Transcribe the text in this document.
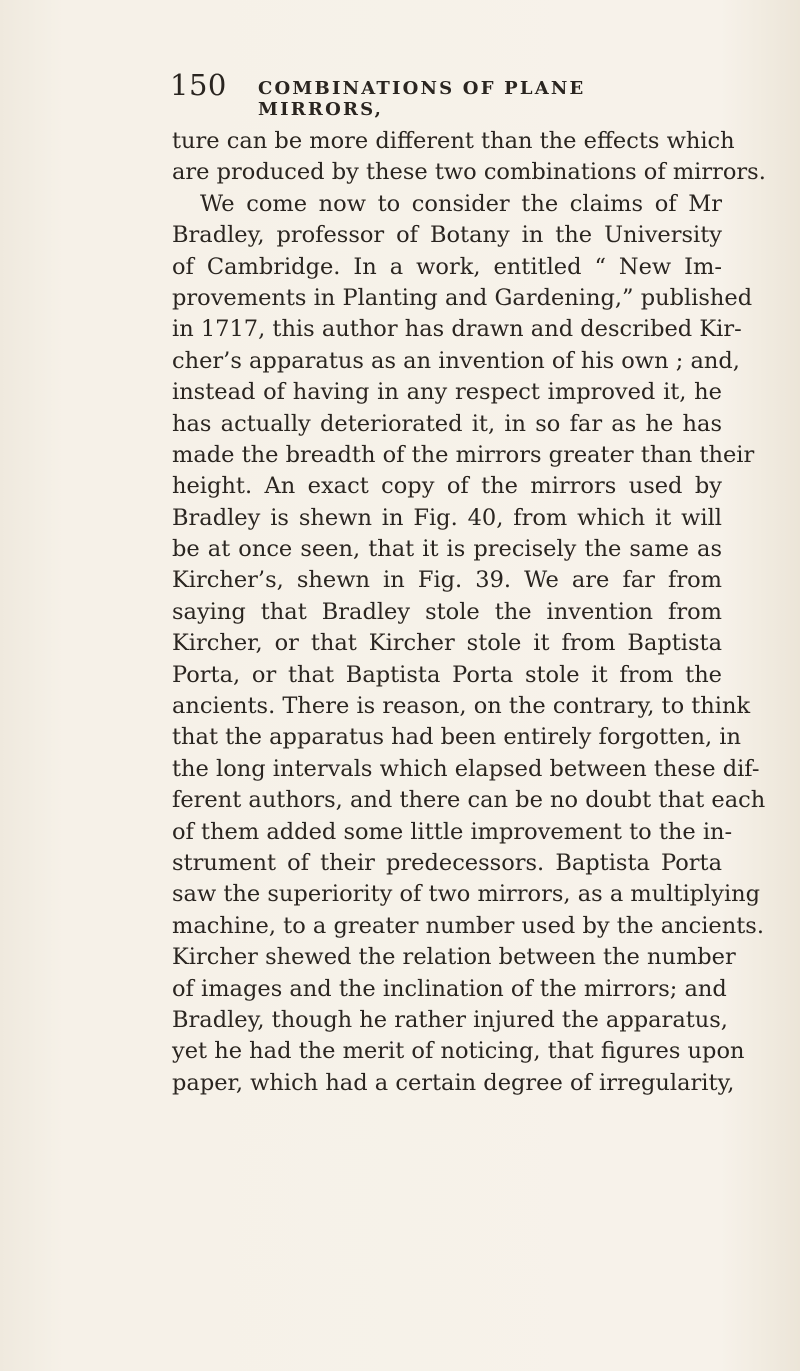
150 COMBINATIONS OF PLANE MIRRORS,
ture can be more different than the effects which
are produced by these two combinations of mirrors.
We come now to consider the claims of Mr
Bradley, professor of Botany in the University
of Cambridge. In a work, entitled “ New Im-
provements in Planting and Gardening,” published
in 1717, this author has drawn and described Kir-
cher’s apparatus as an invention of his own ; and,
instead of having in any respect improved it, he
has actually deteriorated it, in so far as he has
made the breadth of the mirrors greater than their
height. An exact copy of the mirrors used by
Bradley is shewn in Fig. 40, from which it will
be at once seen, that it is precisely the same as
Kircher’s, shewn in Fig. 39. We are far from
saying that Bradley stole the invention from
Kircher, or that Kircher stole it from Baptista
Porta, or that Baptista Porta stole it from the
ancients. There is reason, on the contrary, to think
that the apparatus had been entirely forgotten, in
the long intervals which elapsed between these dif-
ferent authors, and there can be no doubt that each
of them added some little improvement to the in-
strument of their predecessors. Baptista Porta
saw the superiority of two mirrors, as a multiplying
machine, to a greater number used by the ancients.
Kircher shewed the relation between the number
of images and the inclination of the mirrors; and
Bradley, though he rather injured the apparatus,
yet he had the merit of noticing, that figures upon
paper, which had a certain degree of irregularity,
